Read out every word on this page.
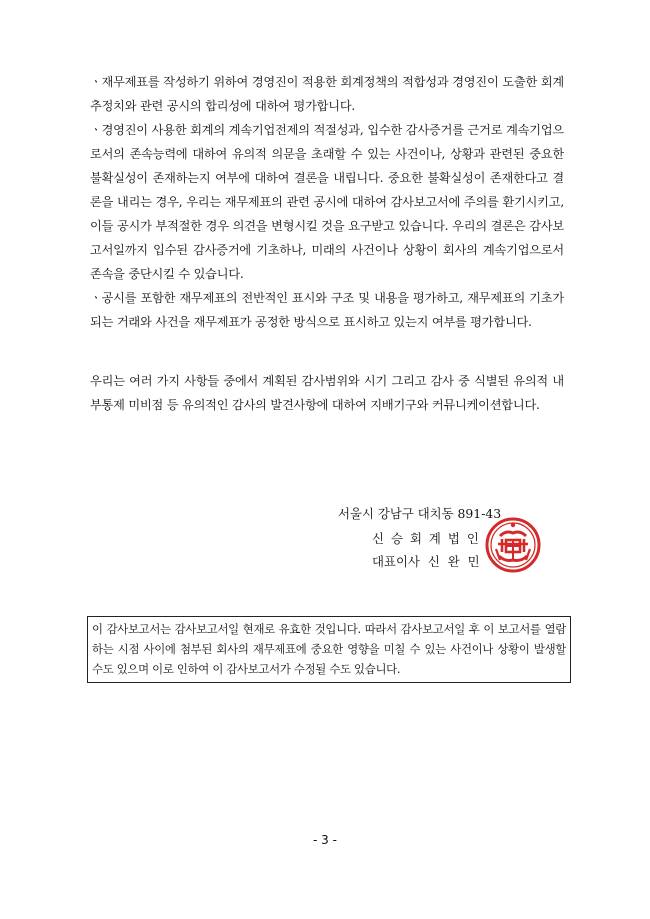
ㆍ재무제표를 작성하기 위하여 경영진이 적용한 회계정책의 적합성과 경영진이 도출한 회계추정치와 관련 공시의 합리성에 대하여 평가합니다.

ㆍ경영진이 사용한 회계의 계속기업전제의 적절성과, 입수한 감사증거를 근거로 계속기업으로서의 존속능력에 대하여 유의적 의문을 초래할 수 있는 사건이나, 상황과 관련된 중요한 불확실성이 존재하는지 여부에 대하여 결론을 내립니다. 중요한 불확실성이 존재한다고 결론을 내리는 경우, 우리는 재무제표의 관련 공시에 대하여 감사보고서에 주의를 환기시키고, 이들 공시가 부적절한 경우 의견을 변형시킬 것을 요구받고 있습니다. 우리의 결론은 감사보고서일까지 입수된 감사증거에 기초하나, 미래의 사건이나 상황이 회사의 계속기업으로서 존속을 중단시킬 수 있습니다.

ㆍ공시를 포함한 재무제표의 전반적인 표시와 구조 및 내용을 평가하고, 재무제표의 기초가 되는 거래와 사건을 재무제표가 공정한 방식으로 표시하고 있는지 여부를 평가합니다.

우리는 여러 가지 사항들 중에서 계획된 감사범위와 시기 그리고 감사 중 식별된 유의적 내부통제 미비점 등 유의적인 감사의 발견사항에 대하여 지배기구와 커뮤니케이션합니다.

서울시 강남구 대치동 891-43
신승회계법인
대표이사 신 완 민
이 감사보고서는 감사보고서일 현재로 유효한 것입니다. 따라서 감사보고서일 후 이 보고서를 열람하는 시점 사이에 첨부된 회사의 재무제표에 중요한 영향을 미칠 수 있는 사건이나 상황이 발생할 수도 있으며 이로 인하여 이 감사보고서가 수정될 수도 있습니다.
- 3 -
